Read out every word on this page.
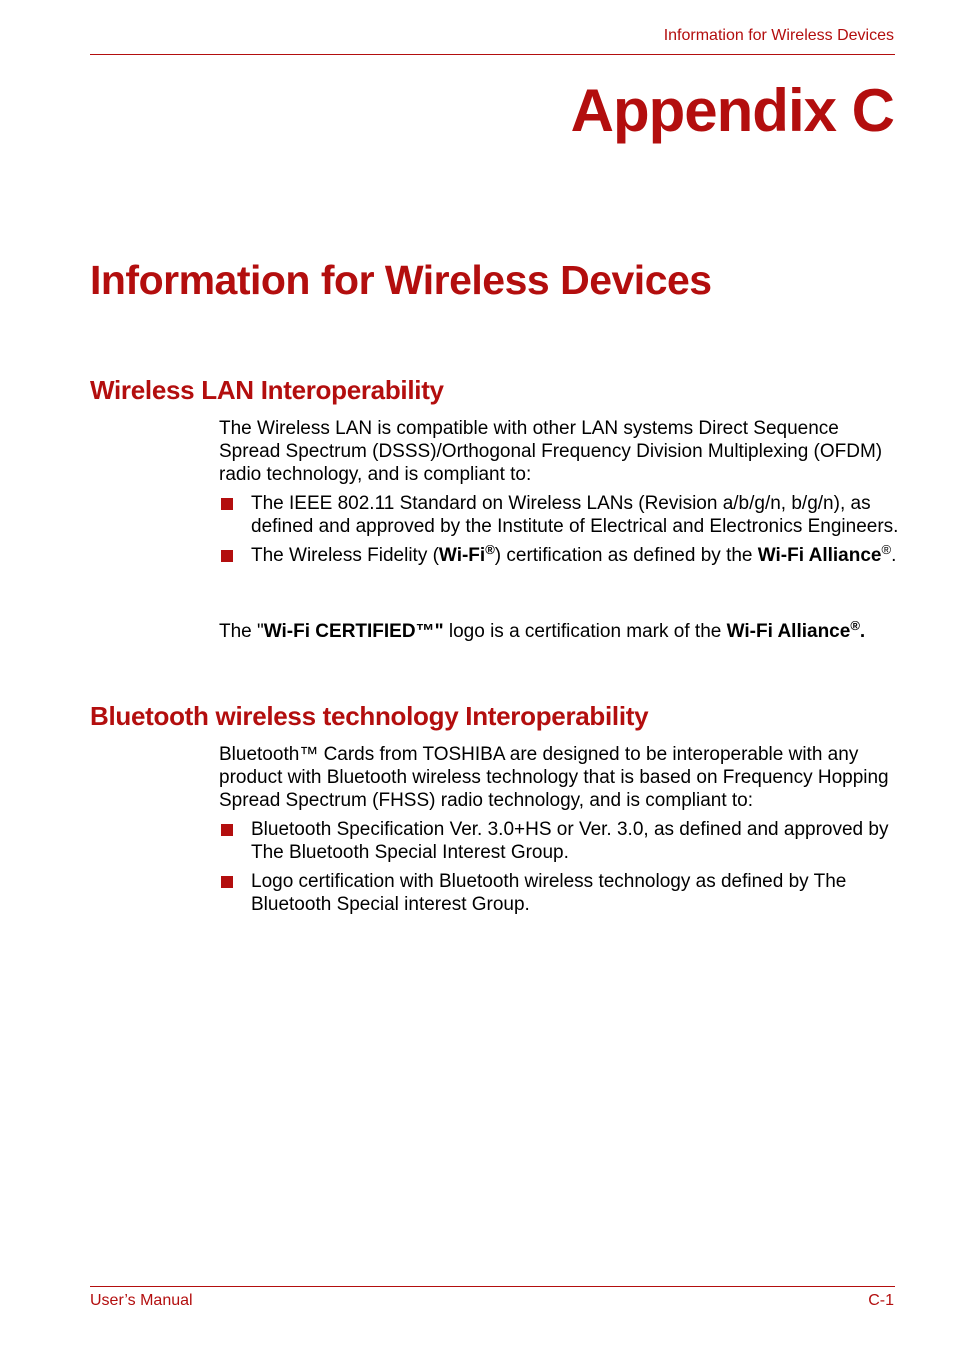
Information for Wireless Devices
Appendix C
Information for Wireless Devices
Wireless LAN Interoperability

The Wireless LAN is compatible with other LAN systems Direct Sequence Spread Spectrum (DSSS)/Orthogonal Frequency Division Multiplexing (OFDM) radio technology, and is compliant to:

The IEEE 802.11 Standard on Wireless LANs (Revision a/b/g/n, b/g/n), as defined and approved by the Institute of Electrical and Electronics Engineers.
The Wireless Fidelity (Wi-Fi®) certification as defined by the Wi-Fi Alliance®.

The "Wi-Fi CERTIFIED™" logo is a certification mark of the Wi-Fi Alliance®.

Bluetooth wireless technology Interoperability

Bluetooth™ Cards from TOSHIBA are designed to be interoperable with any product with Bluetooth wireless technology that is based on Frequency Hopping Spread Spectrum (FHSS) radio technology, and is compliant to:

Bluetooth Specification Ver. 3.0+HS or Ver. 3.0, as defined and approved by The Bluetooth Special Interest Group.
Logo certification with Bluetooth wireless technology as defined by The Bluetooth Special interest Group.
User’s Manual	C-1
